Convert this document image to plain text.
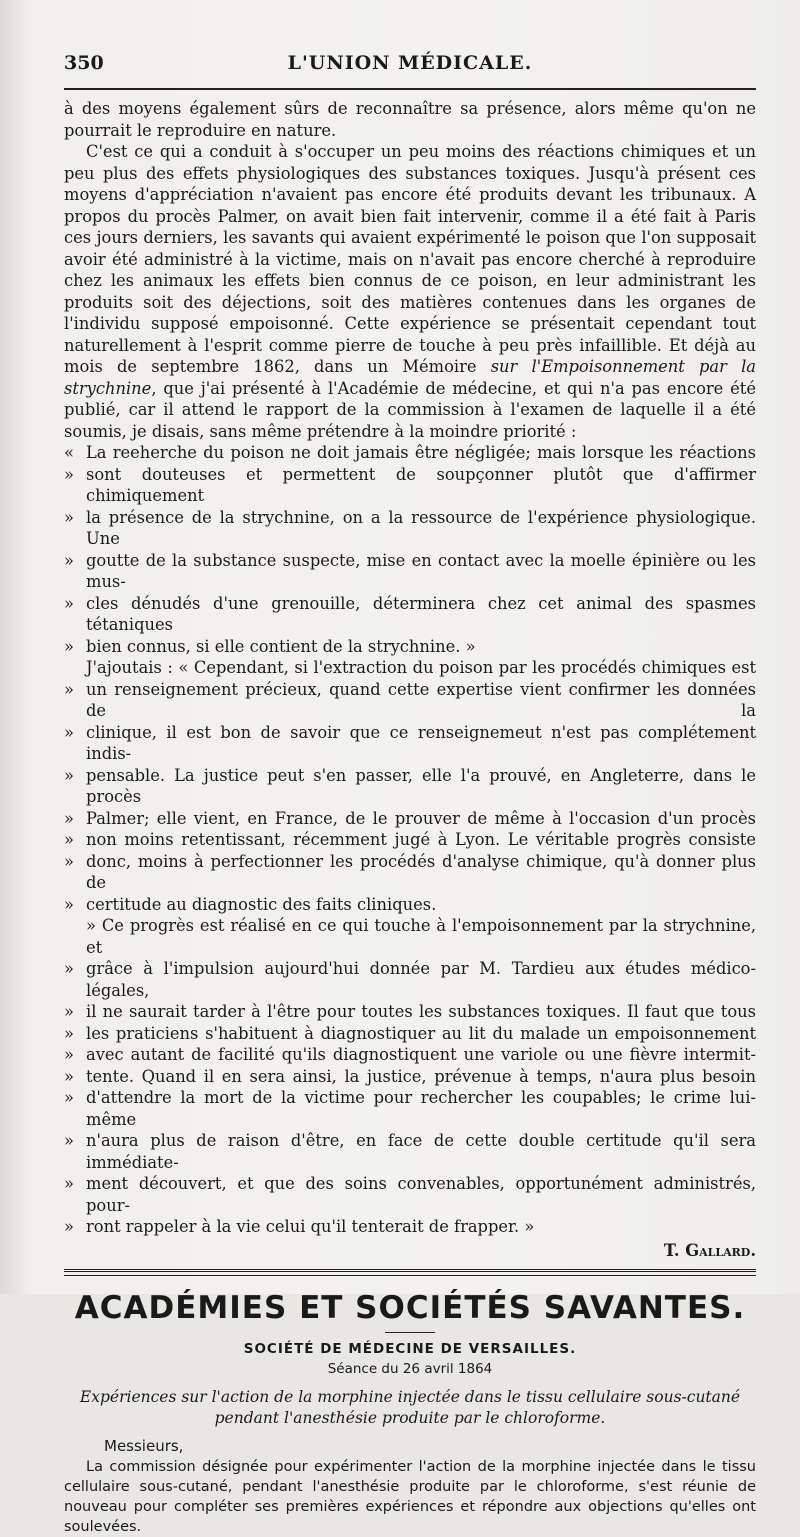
350	L'UNION MÉDICALE.

à des moyens également sûrs de reconnaître sa présence, alors même qu'on ne pourrait le reproduire en nature.

C'est ce qui a conduit à s'occuper un peu moins des réactions chimiques et un peu plus des effets physiologiques des substances toxiques. Jusqu'à présent ces moyens d'appréciation n'avaient pas encore été produits devant les tribunaux. A propos du procès Palmer, on avait bien fait intervenir, comme il a été fait à Paris ces jours derniers, les savants qui avaient expérimenté le poison que l'on supposait avoir été administré à la victime, mais on n'avait pas encore cherché à reproduire chez les animaux les effets bien connus de ce poison, en leur administrant les produits soit des déjections, soit des matières contenues dans les organes de l'individu supposé empoisonné. Cette expérience se présentait cependant tout naturellement à l'esprit comme pierre de touche à peu près infaillible. Et déjà au mois de septembre 1862, dans un Mémoire sur l'Empoisonnement par la strychnine, que j'ai présenté à l'Académie de médecine, et qui n'a pas encore été publié, car il attend le rapport de la commission à l'examen de laquelle il a été soumis, je disais, sans même prétendre à la moindre priorité :

« La reeherche du poison ne doit jamais être négligée; mais lorsque les réactions
» sont douteuses et permettent de soupçonner plutôt que d'affirmer chimiquement
» la présence de la strychnine, on a la ressource de l'expérience physiologique. Une
» goutte de la substance suspecte, mise en contact avec la moelle épinière ou les mus-
» cles dénudés d'une grenouille, déterminera chez cet animal des spasmes tétaniques
» bien connus, si elle contient de la strychnine. »
J'ajoutais : « Cependant, si l'extraction du poison par les procédés chimiques est
» un renseignement précieux, quand cette expertise vient confirmer les données de la
» clinique, il est bon de savoir que ce renseignemeut n'est pas complétement indis-
» pensable. La justice peut s'en passer, elle l'a prouvé, en Angleterre, dans le procès
» Palmer; elle vient, en France, de le prouver de même à l'occasion d'un procès
» non moins retentissant, récemment jugé à Lyon. Le véritable progrès consiste
» donc, moins à perfectionner les procédés d'analyse chimique, qu'à donner plus de
» certitude au diagnostic des faits cliniques.
» Ce progrès est réalisé en ce qui touche à l'empoisonnement par la strychnine, et
» grâce à l'impulsion aujourd'hui donnée par M. Tardieu aux études médico-légales,
» il ne saurait tarder à l'être pour toutes les substances toxiques. Il faut que tous
» les praticiens s'habituent à diagnostiquer au lit du malade un empoisonnement
» avec autant de facilité qu'ils diagnostiquent une variole ou une fièvre intermit-
» tente. Quand il en sera ainsi, la justice, prévenue à temps, n'aura plus besoin
» d'attendre la mort de la victime pour rechercher les coupables; le crime lui-même
» n'aura plus de raison d'être, en face de cette double certitude qu'il sera immédiate-
» ment découvert, et que des soins convenables, opportunément administrés, pour-
» ront rappeler à la vie celui qu'il tenterait de frapper. »
T. Gallard.
ACADÉMIES ET SOCIÉTÉS SAVANTES.
SOCIÉTÉ DE MÉDECINE DE VERSAILLES.
Séance du 26 avril 1864
Expériences sur l'action de la morphine injectée dans le tissu cellulaire sous-cutané pendant l'anesthésie produite par le chloroforme.
Messieurs,

La commission désignée pour expérimenter l'action de la morphine injectée dans le tissu cellulaire sous-cutané, pendant l'anesthésie produite par le chloroforme, s'est réunie de nouveau pour compléter ses premières expériences et répondre aux objections qu'elles ont soulevées.
